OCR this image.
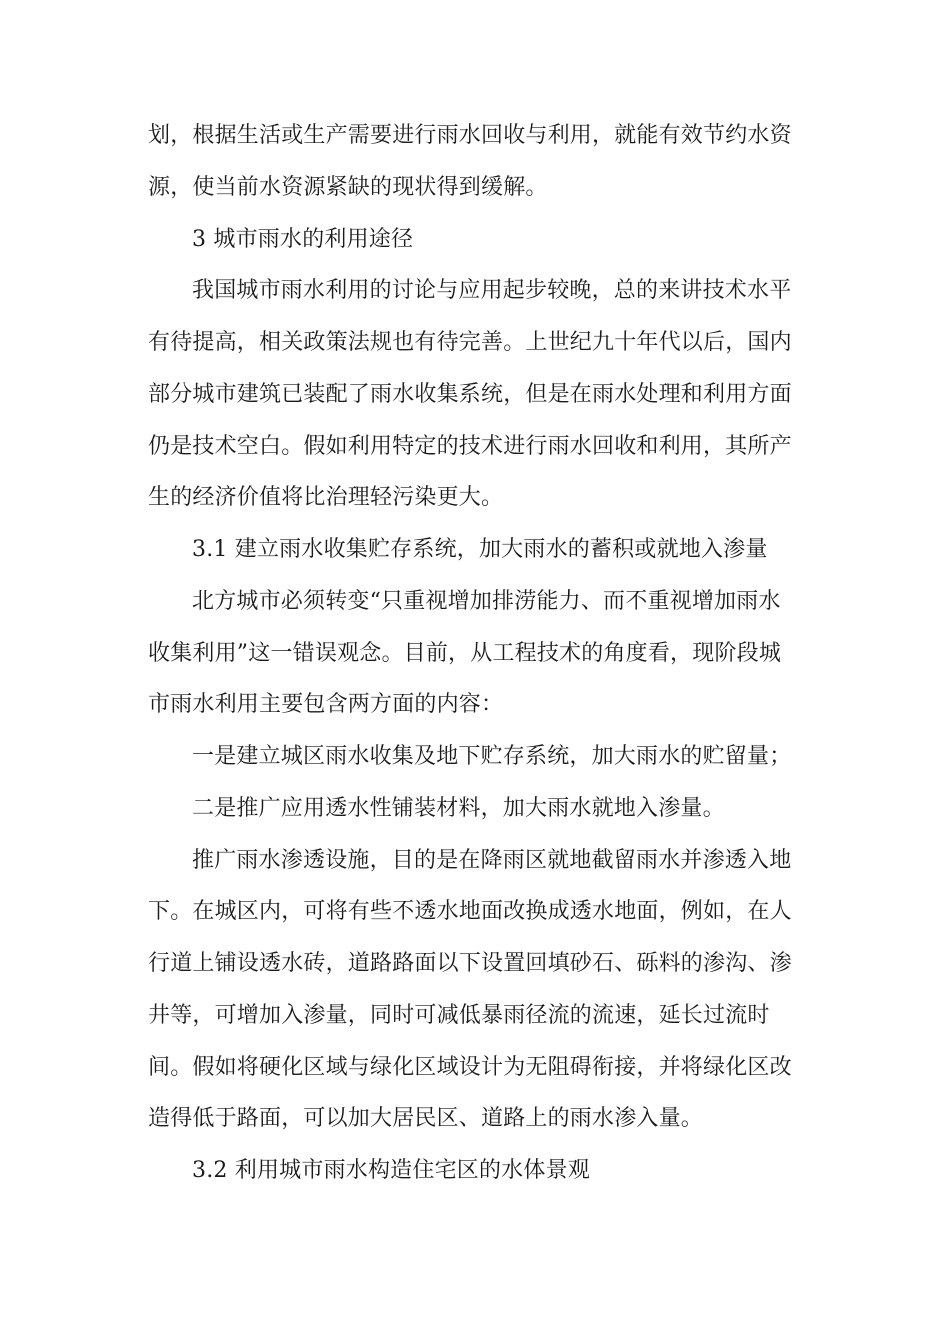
划，根据生活或生产需要进行雨水回收与利用，就能有效节约水资
源，使当前水资源紧缺的现状得到缓解。
3 城市雨水的利用途径
我国城市雨水利用的讨论与应用起步较晚，总的来讲技术水平
有待提高，相关政策法规也有待完善。上世纪九十年代以后，国内
部分城市建筑已装配了雨水收集系统，但是在雨水处理和利用方面
仍是技术空白。假如利用特定的技术进行雨水回收和利用，其所产
生的经济价值将比治理轻污染更大。
3.1 建立雨水收集贮存系统，加大雨水的蓄积或就地入渗量
北方城市必须转变“只重视增加排涝能力、而不重视增加雨水
收集利用”这一错误观念。目前，从工程技术的角度看，现阶段城
市雨水利用主要包含两方面的内容：
一是建立城区雨水收集及地下贮存系统，加大雨水的贮留量；
二是推广应用透水性铺装材料，加大雨水就地入渗量。
推广雨水渗透设施，目的是在降雨区就地截留雨水并渗透入地
下。在城区内，可将有些不透水地面改换成透水地面，例如，在人
行道上铺设透水砖，道路路面以下设置回填砂石、砾料的渗沟、渗
井等，可增加入渗量，同时可减低暴雨径流的流速，延长过流时
间。假如将硬化区域与绿化区域设计为无阻碍衔接，并将绿化区改
造得低于路面，可以加大居民区、道路上的雨水渗入量。
3.2 利用城市雨水构造住宅区的水体景观
